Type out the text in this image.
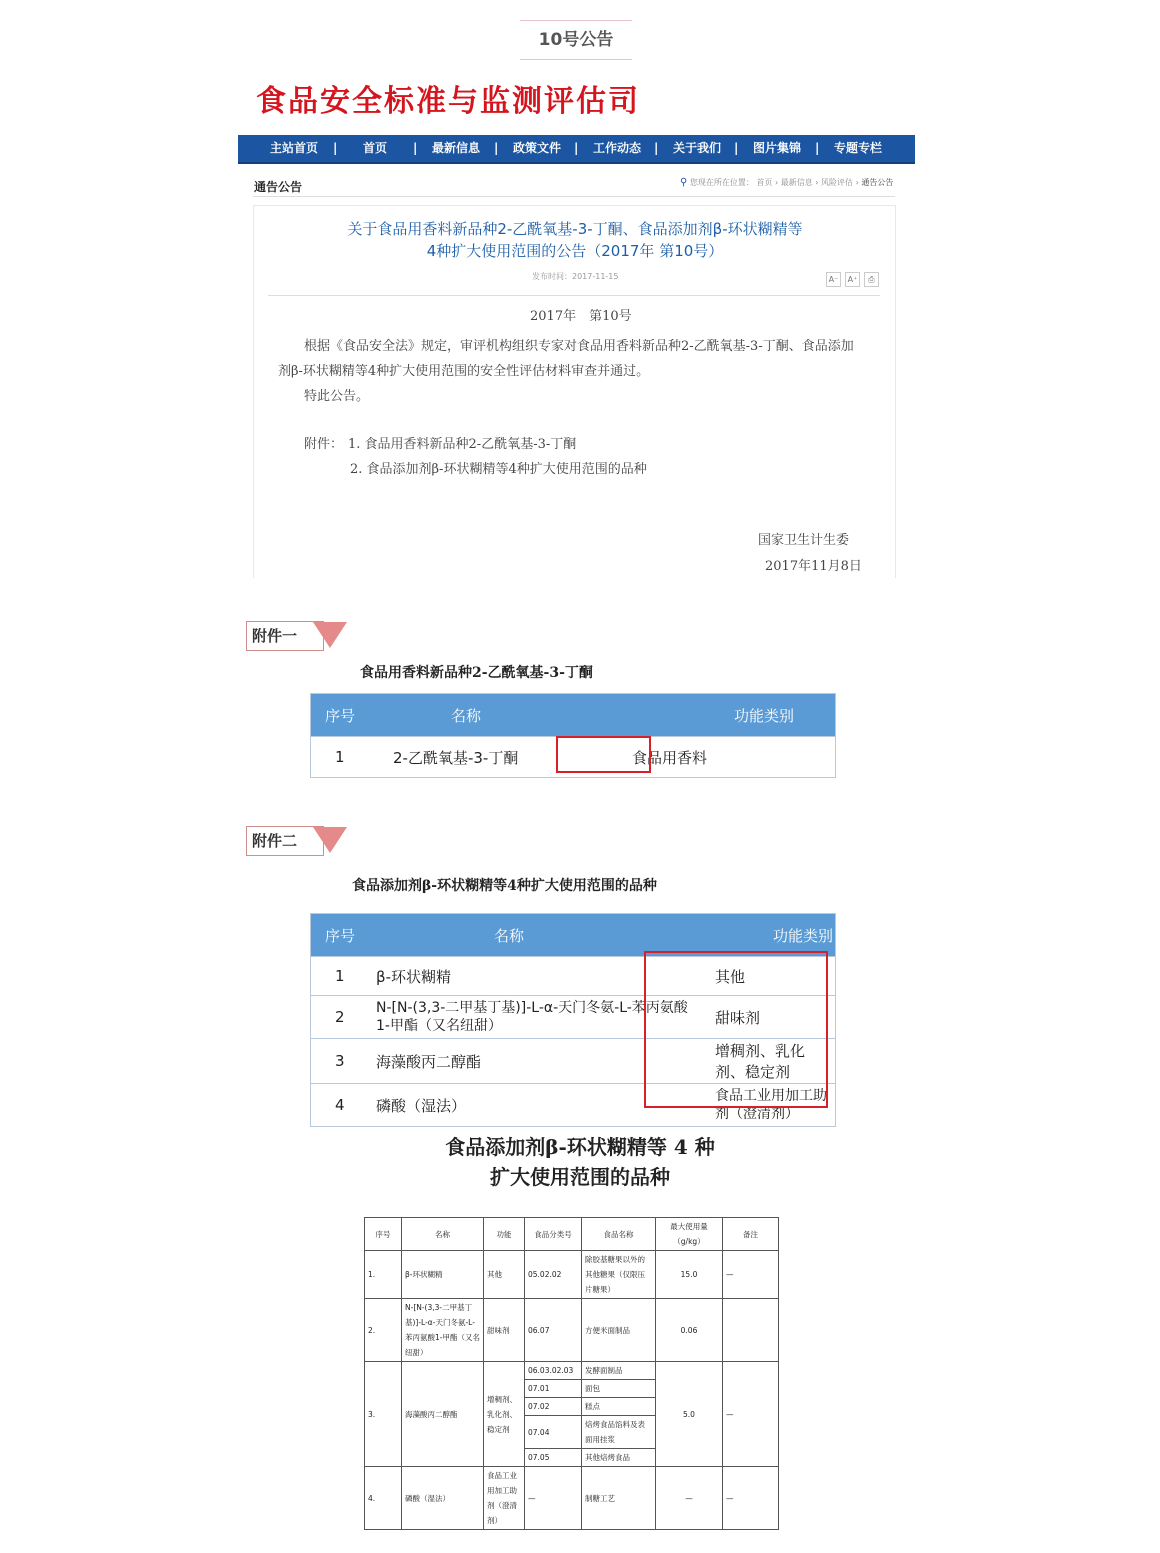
10号公告
食品安全标准与监测评估司
主站首页 | 首页 | 最新信息 | 政策文件 | 工作动态 | 关于我们 | 图片集锦 | 专题专栏
通告公告	⚲ 您现在所在位置： 首页 › 最新信息 › 风险评估 › 通告公告
关于食品用香料新品种2-乙酰氧基-3-丁酮、食品添加剂β-环状糊精等
4种扩大使用范围的公告（2017年 第10号）
发布时间：2017-11-15	A⁻	A⁺	⎙
2017年　第10号
根据《食品安全法》规定，审评机构组织专家对食品用香料新品种2-乙酰氧基-3-丁酮、食品添加
剂β-环状糊精等4种扩大使用范围的安全性评估材料审查并通过。
特此公告。
附件： 1. 食品用香料新品种2-乙酰氧基-3-丁酮
2. 食品添加剂β-环状糊精等4种扩大使用范围的品种
国家卫生计生委
2017年11月8日
附件一
食品用香料新品种2-乙酰氧基-3-丁酮
序号	名称	功能类别
1	2-乙酰氧基-3-丁酮	食品用香料
附件二
食品添加剂β-环状糊精等4种扩大使用范围的品种
序号	名称	功能类别
1	β-环状糊精	其他
2	N-[N-(3,3-二甲基丁基)]-L-α-天门冬氨-L-苯丙氨酸 1-甲酯（又名纽甜）	甜味剂
3	海藻酸丙二醇酯	增稠剂、乳化剂、稳定剂
4	磷酸（湿法）	食品工业用加工助剂（澄清剂）
食品添加剂β-环状糊精等 4 种
扩大使用范围的品种
序号	名称	功能	食品分类号	食品名称	最大使用量（g/kg）	备注
1.	β-环状糊精	其他	05.02.02	除胶基糖果以外的其他糖果（仅限压片糖果）	15.0	—
2.	N-[N-(3,3-二甲基丁基)]-L-α-天门冬氨-L-苯丙氨酸1-甲酯（又名纽甜）	甜味剂	06.07	方便米面制品	0.06	
3.	海藻酸丙二醇酯	增稠剂、乳化剂、稳定剂	06.03.02.03	发酵面制品	5.0	—
			07.01	面包		
			07.02	糕点		
			07.04	焙烤食品馅料及表面用挂浆		
			07.05	其他焙烤食品		
4.	磷酸（湿法）	食品工业用加工助剂（澄清剂）	—	制糖工艺	—	—
